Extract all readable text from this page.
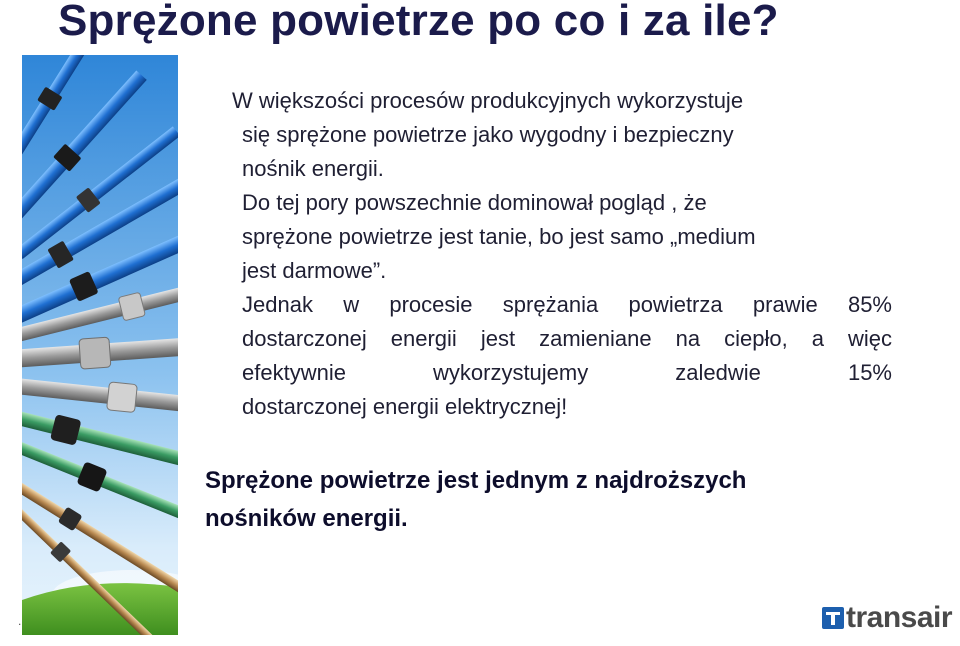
Sprężone powietrze po co i za ile?
W większości procesów produkcyjnych wykorzystuje
się sprężone powietrze jako wygodny i bezpieczny
nośnik energii.
Do tej pory powszechnie dominował pogląd , że
sprężone powietrze jest tanie, bo jest samo „medium
jest darmowe”.
Jednak w procesie sprężania powietrza prawie 85%
dostarczonej energii jest zamieniane na ciepło, a więc
efektywnie wykorzystujemy zaledwie 15%
dostarczonej energii elektrycznej!
Sprężone powietrze jest jednym z najdroższych
nośników energii.
.	transair
